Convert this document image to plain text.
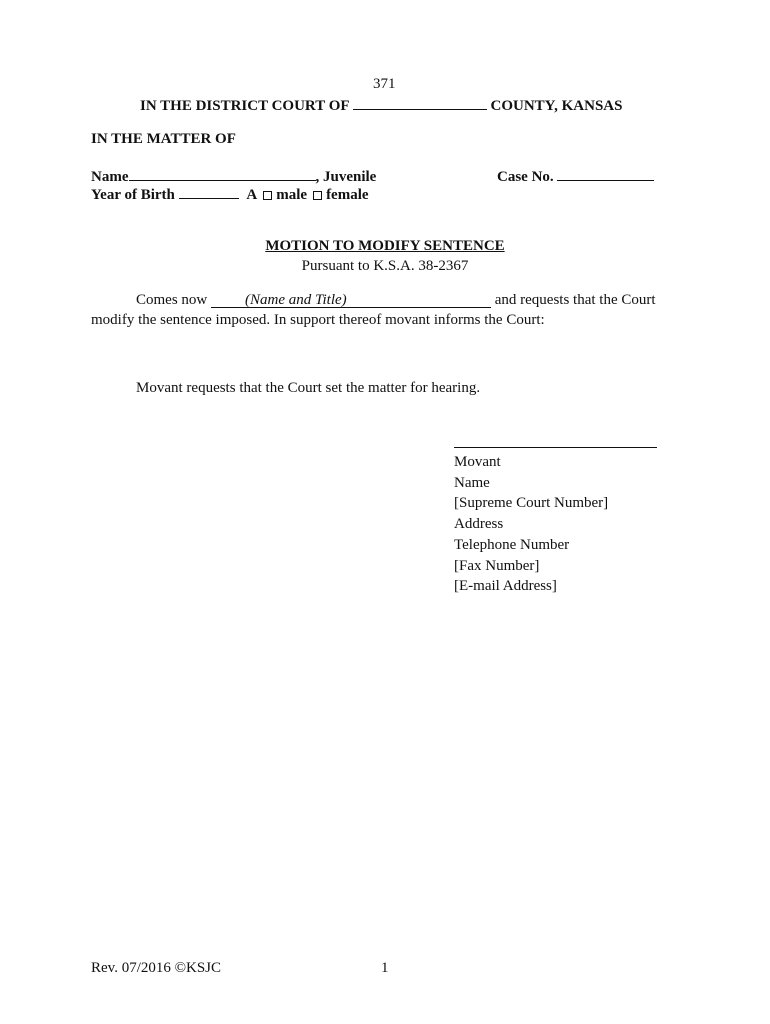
371
IN THE DISTRICT COURT OF	COUNTY, KANSAS
IN THE MATTER OF
Name	, Juvenile	Case No.
Year of Birth	A male female
MOTION TO MODIFY SENTENCE
Pursuant to K.S.A. 38-2367
Comes now	(Name and Title)	and requests that the Court
modify the sentence imposed. In support thereof movant informs the Court:
Movant requests that the Court set the matter for hearing.
Movant
Name
[Supreme Court Number]
Address
Telephone Number
[Fax Number]
[E-mail Address]
Rev. 07/2016 ©KSJC	1
